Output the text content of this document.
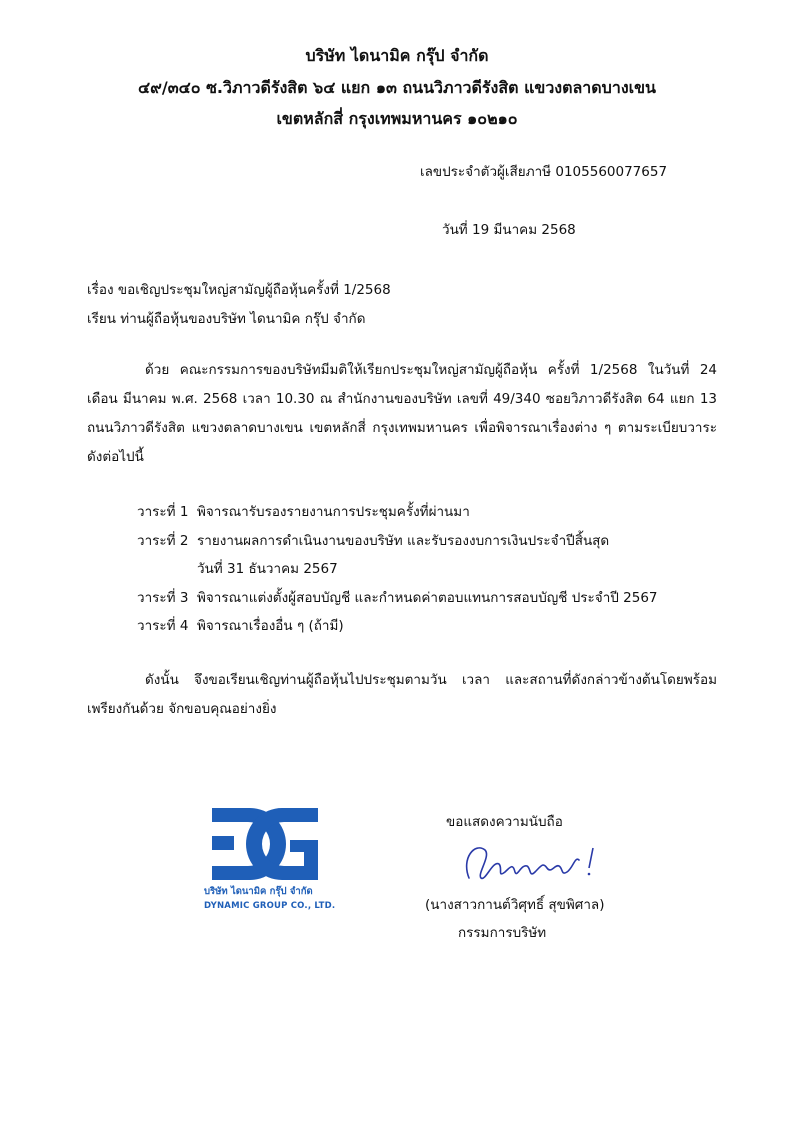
บริษัท ไดนามิค กรุ๊ป จำกัด
๔๙/๓๔๐ ซ.วิภาวดีรังสิต ๖๔ แยก ๑๓ ถนนวิภาวดีรังสิต แขวงตลาดบางเขน
เขตหลักสี่ กรุงเทพมหานคร ๑๐๒๑๐
เลขประจำตัวผู้เสียภาษี 0105560077657
วันที่ 19 มีนาคม 2568
เรื่อง ขอเชิญประชุมใหญ่สามัญผู้ถือหุ้นครั้งที่ 1/2568
เรียน ท่านผู้ถือหุ้นของบริษัท ไดนามิค กรุ๊ป จำกัด
ด้วย คณะกรรมการของบริษัทมีมติให้เรียกประชุมใหญ่สามัญผู้ถือหุ้น ครั้งที่ 1/2568 ในวันที่ 24 เดือน มีนาคม พ.ศ. 2568 เวลา 10.30 ณ สำนักงานของบริษัท เลขที่ 49/340 ซอยวิภาวดีรังสิต 64 แยก 13 ถนนวิภาวดีรังสิต แขวงตลาดบางเขน เขตหลักสี่ กรุงเทพมหานคร เพื่อพิจารณาเรื่องต่าง ๆ ตามระเบียบวาระ ดังต่อไปนี้
วาระที่ 1 พิจารณารับรองรายงานการประชุมครั้งที่ผ่านมา
วาระที่ 2 รายงานผลการดำเนินงานของบริษัท และรับรองงบการเงินประจำปีสิ้นสุด
วันที่ 31 ธันวาคม 2567
วาระที่ 3 พิจารณาแต่งตั้งผู้สอบบัญชี และกำหนดค่าตอบแทนการสอบบัญชี ประจำปี 2567
วาระที่ 4 พิจารณาเรื่องอื่น ๆ (ถ้ามี)
ดังนั้น จึงขอเรียนเชิญท่านผู้ถือหุ้นไปประชุมตามวัน เวลา และสถานที่ดังกล่าวข้างต้นโดยพร้อมเพรียงกันด้วย จักขอบคุณอย่างยิ่ง
บริษัท ไดนามิค กรุ๊ป จำกัด
DYNAMIC GROUP CO., LTD.
ขอแสดงความนับถือ
(นางสาวกานต์วิศุทธิ์ สุขพิศาล)
กรรมการบริษัท
